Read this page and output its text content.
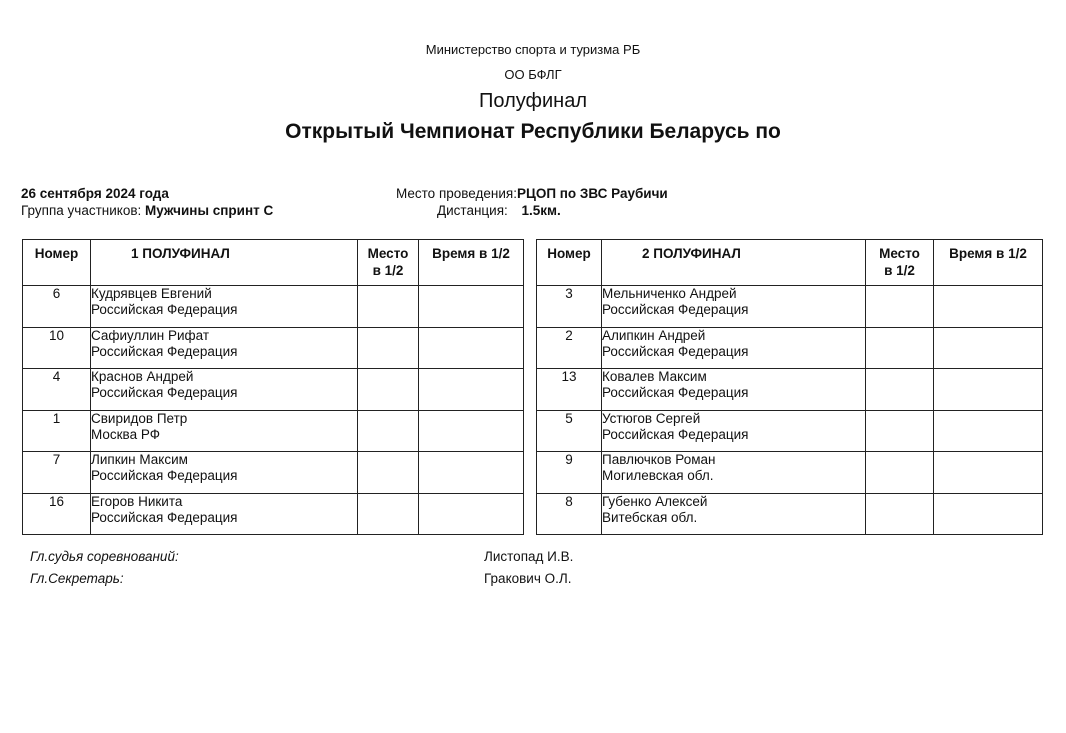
Министерство спорта и туризма РБ
ОО БФЛГ
Полуфинал
Открытый Чемпионат Республики Беларусь по
26 сентября 2024 года
Группа участников: Мужчины спринт С
Место проведения:РЦОП по ЗВС Раубичи
Дистанция: 1.5км.
Номер	1 ПОЛУФИНАЛ	Место
в 1/2	Время в 1/2
6	Кудрявцев Евгений
Российская Федерация		
10	Сафиуллин Рифат
Российская Федерация		
4	Краснов Андрей
Российская Федерация		
1	Свиридов Петр
Москва РФ		
7	Липкин Максим
Российская Федерация		
16	Егоров Никита
Российская Федерация		
Номер	2 ПОЛУФИНАЛ	Место
в 1/2	Время в 1/2
3	Мельниченко Андрей
Российская Федерация		
2	Алипкин Андрей
Российская Федерация		
13	Ковалев Максим
Российская Федерация		
5	Устюгов Сергей
Российская Федерация		
9	Павлючков Роман
Могилевская обл.		
8	Губенко Алексей
Витебская обл.		
Гл.судья соревнований:	Листопад И.В.
Гл.Секретарь:	Гракович О.Л.
